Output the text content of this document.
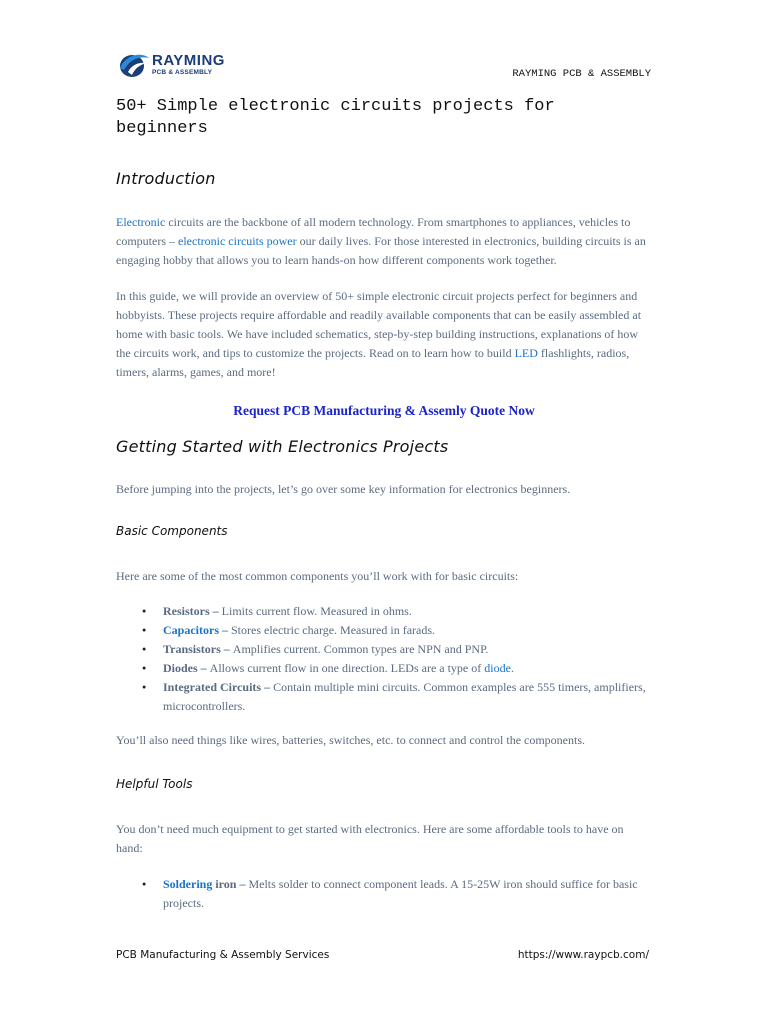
RAYMING
PCB & ASSEMBLY	RAYMING PCB & ASSEMBLY
50+ Simple electronic circuits projects for beginners
Introduction

Electronic circuits are the backbone of all modern technology. From smartphones to appliances, vehicles to computers – electronic circuits power our daily lives. For those interested in electronics, building circuits is an engaging hobby that allows you to learn hands-on how different components work together.

In this guide, we will provide an overview of 50+ simple electronic circuit projects perfect for beginners and hobbyists. These projects require affordable and readily available components that can be easily assembled at home with basic tools. We have included schematics, step-by-step building instructions, explanations of how the circuits work, and tips to customize the projects. Read on to learn how to build LED flashlights, radios, timers, alarms, games, and more!

Request PCB Manufacturing & Assemly Quote Now

Getting Started with Electronics Projects

Before jumping into the projects, let’s go over some key information for electronics beginners.

Basic Components

Here are some of the most common components you’ll work with for basic circuits:

● Resistors – Limits current flow. Measured in ohms.
● Capacitors – Stores electric charge. Measured in farads.
● Transistors – Amplifies current. Common types are NPN and PNP.
● Diodes – Allows current flow in one direction. LEDs are a type of diode.
● Integrated Circuits – Contain multiple mini circuits. Common examples are 555 timers, amplifiers, microcontrollers.

You’ll also need things like wires, batteries, switches, etc. to connect and control the components.

Helpful Tools

You don’t need much equipment to get started with electronics. Here are some affordable tools to have on hand:

● Soldering iron – Melts solder to connect component leads. A 15-25W iron should suffice for basic projects.
PCB Manufacturing & Assembly Services	https://www.raypcb.com/
